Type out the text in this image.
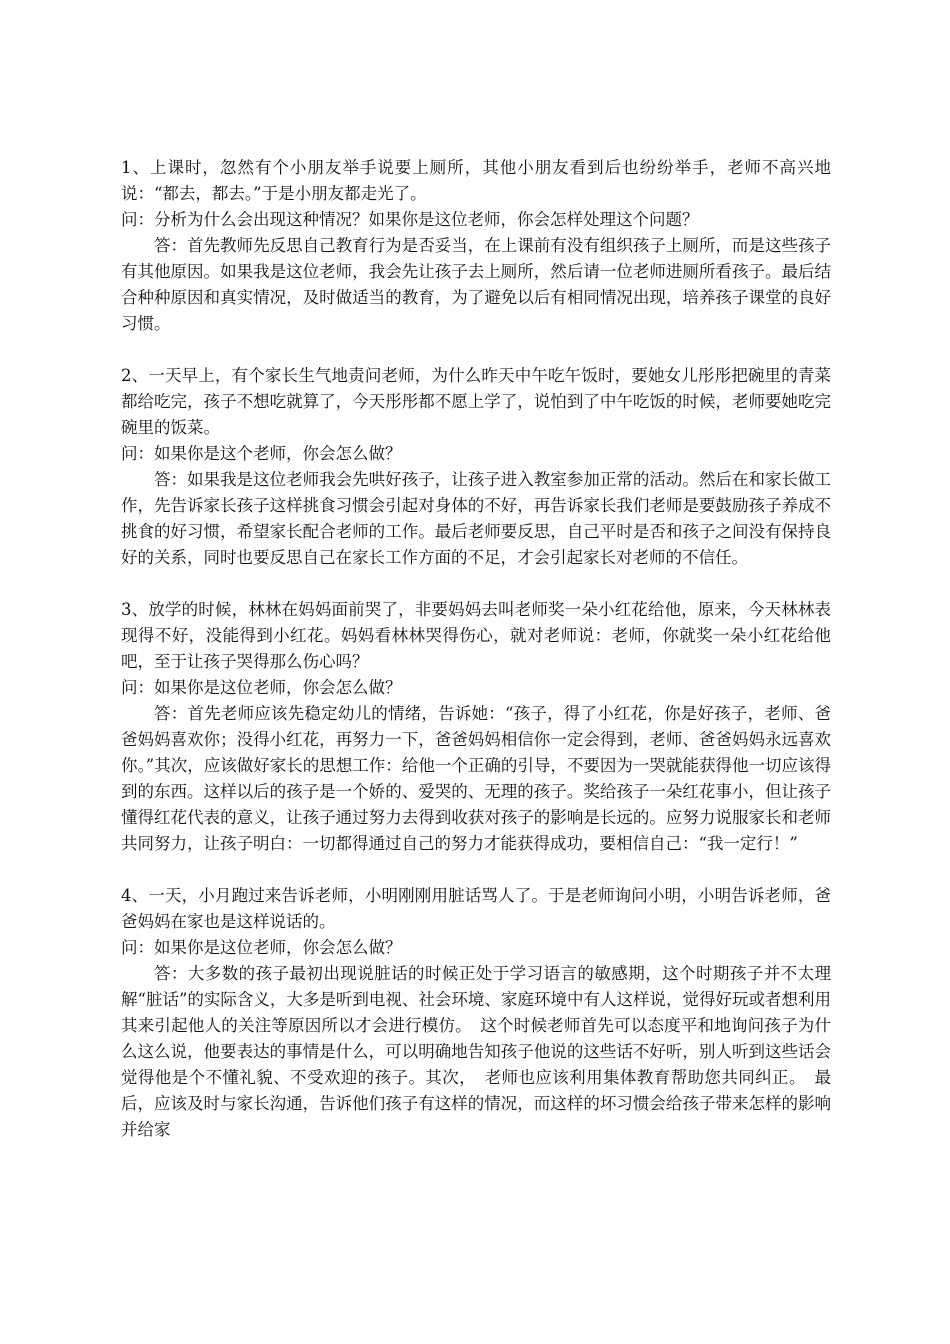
1、上课时，忽然有个小朋友举手说要上厕所，其他小朋友看到后也纷纷举手，老师不高兴地说：“都去，都去。”于是小朋友都走光了。

问：分析为什么会出现这种情况？如果你是这位老师，你会怎样处理这个问题？

答：首先教师先反思自己教育行为是否妥当，在上课前有没有组织孩子上厕所，而是这些孩子有其他原因。如果我是这位老师，我会先让孩子去上厕所，然后请一位老师进厕所看孩子。最后结合种种原因和真实情况，及时做适当的教育，为了避免以后有相同情况出现，培养孩子课堂的良好习惯。

2、一天早上，有个家长生气地责问老师，为什么昨天中午吃午饭时，要她女儿彤彤把碗里的青菜都给吃完，孩子不想吃就算了，今天彤彤都不愿上学了，说怕到了中午吃饭的时候，老师要她吃完碗里的饭菜。

问：如果你是这个老师，你会怎么做？

答：如果我是这位老师我会先哄好孩子，让孩子进入教室参加正常的活动。然后在和家长做工作，先告诉家长孩子这样挑食习惯会引起对身体的不好，再告诉家长我们老师是要鼓励孩子养成不挑食的好习惯，希望家长配合老师的工作。最后老师要反思，自己平时是否和孩子之间没有保持良好的关系，同时也要反思自己在家长工作方面的不足，才会引起家长对老师的不信任。

3、放学的时候，林林在妈妈面前哭了，非要妈妈去叫老师奖一朵小红花给他，原来，今天林林表现得不好，没能得到小红花。妈妈看林林哭得伤心，就对老师说：老师，你就奖一朵小红花给他吧，至于让孩子哭得那么伤心吗？

问：如果你是这位老师，你会怎么做？

答：首先老师应该先稳定幼儿的情绪，告诉她：“孩子，得了小红花，你是好孩子，老师、爸爸妈妈喜欢你；没得小红花，再努力一下，爸爸妈妈相信你一定会得到，老师、爸爸妈妈永远喜欢你。”其次，应该做好家长的思想工作：给他一个正确的引导，不要因为一哭就能获得他一切应该得到的东西。这样以后的孩子是一个娇的、爱哭的、无理的孩子。奖给孩子一朵红花事小，但让孩子懂得红花代表的意义，让孩子通过努力去得到收获对孩子的影响是长远的。应努力说服家长和老师共同努力，让孩子明白：一切都得通过自己的努力才能获得成功，要相信自己：“我一定行！”

4、一天，小月跑过来告诉老师，小明刚刚用脏话骂人了。于是老师询问小明，小明告诉老师，爸爸妈妈在家也是这样说话的。

问：如果你是这位老师，你会怎么做？

答：大多数的孩子最初出现说脏话的时候正处于学习语言的敏感期，这个时期孩子并不太理解“脏话”的实际含义，大多是听到电视、社会环境、家庭环境中有人这样说，觉得好玩或者想利用其来引起他人的关注等原因所以才会进行模仿。　这个时候老师首先可以态度平和地询问孩子为什么这么说，他要表达的事情是什么，可以明确地告知孩子他说的这些话不好听，别人听到这些话会觉得他是个不懂礼貌、不受欢迎的孩子。其次，　老师也应该利用集体教育帮助您共同纠正。　最后，应该及时与家长沟通，告诉他们孩子有这样的情况，而这样的坏习惯会给孩子带来怎样的影响并给家
